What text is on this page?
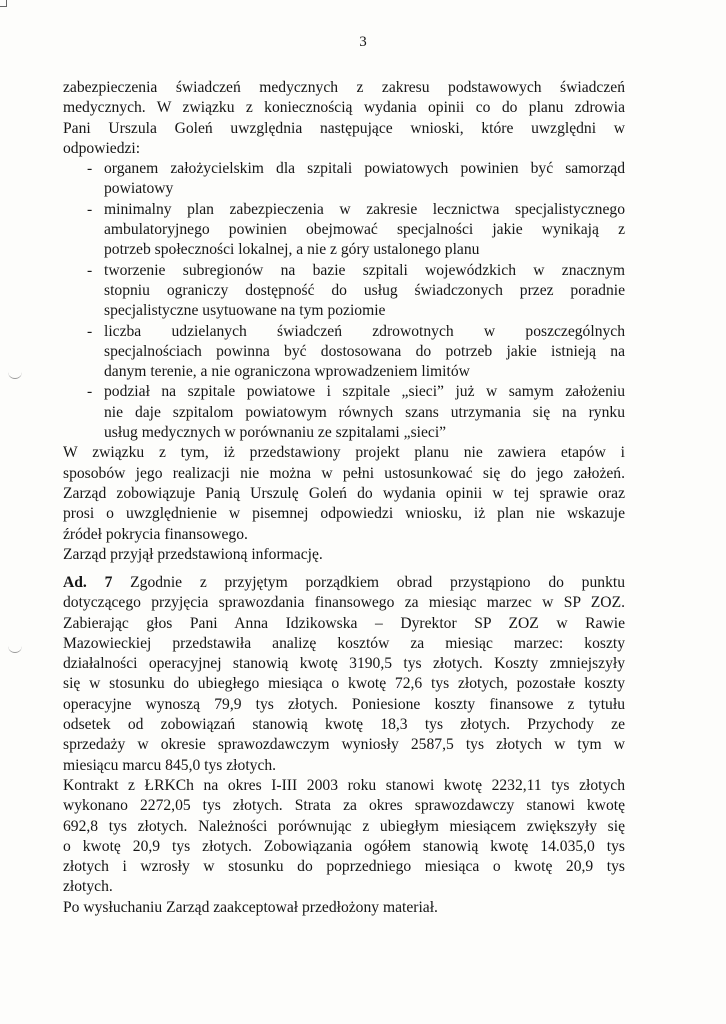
3
zabezpieczenia świadczeń medycznych z zakresu podstawowych świadczeń
medycznych. W związku z koniecznością wydania opinii co do planu zdrowia
Pani Urszula Goleń uwzględnia następujące wnioski, które uwzględni w
odpowiedzi:
- organem założycielskim dla szpitali powiatowych powinien być samorząd
powiatowy
- minimalny plan zabezpieczenia w zakresie lecznictwa specjalistycznego
ambulatoryjnego powinien obejmować specjalności jakie wynikają z
potrzeb społeczności lokalnej, a nie z góry ustalonego planu
- tworzenie subregionów na bazie szpitali wojewódzkich w znacznym
stopniu ograniczy dostępność do usług świadczonych przez poradnie
specjalistyczne usytuowane na tym poziomie
- liczba udzielanych świadczeń zdrowotnych w poszczególnych
specjalnościach powinna być dostosowana do potrzeb jakie istnieją na
danym terenie, a nie ograniczona wprowadzeniem limitów
- podział na szpitale powiatowe i szpitale „sieci” już w samym założeniu
nie daje szpitalom powiatowym równych szans utrzymania się na rynku
usług medycznych w porównaniu ze szpitalami „sieci”
W związku z tym, iż przedstawiony projekt planu nie zawiera etapów i
sposobów jego realizacji nie można w pełni ustosunkować się do jego założeń.
Zarząd zobowiązuje Panią Urszulę Goleń do wydania opinii w tej sprawie oraz
prosi o uwzględnienie w pisemnej odpowiedzi wniosku, iż plan nie wskazuje
źródeł pokrycia finansowego.
Zarząd przyjął przedstawioną informację.
Ad. 7 Zgodnie z przyjętym porządkiem obrad przystąpiono do punktu
dotyczącego przyjęcia sprawozdania finansowego za miesiąc marzec w SP ZOZ.
Zabierając głos Pani Anna Idzikowska – Dyrektor SP ZOZ w Rawie
Mazowieckiej przedstawiła analizę kosztów za miesiąc marzec: koszty
działalności operacyjnej stanowią kwotę 3190,5 tys złotych. Koszty zmniejszyły
się w stosunku do ubiegłego miesiąca o kwotę 72,6 tys złotych, pozostałe koszty
operacyjne wynoszą 79,9 tys złotych. Poniesione koszty finansowe z tytułu
odsetek od zobowiązań stanowią kwotę 18,3 tys złotych. Przychody ze
sprzedaży w okresie sprawozdawczym wyniosły 2587,5 tys złotych w tym w
miesiącu marcu 845,0 tys złotych.
Kontrakt z ŁRKCh na okres I-III 2003 roku stanowi kwotę 2232,11 tys złotych
wykonano 2272,05 tys złotych. Strata za okres sprawozdawczy stanowi kwotę
692,8 tys złotych. Należności porównując z ubiegłym miesiącem zwiększyły się
o kwotę 20,9 tys złotych. Zobowiązania ogółem stanowią kwotę 14.035,0 tys
złotych i wzrosły w stosunku do poprzedniego miesiąca o kwotę 20,9 tys
złotych.
Po wysłuchaniu Zarząd zaakceptował przedłożony materiał.
